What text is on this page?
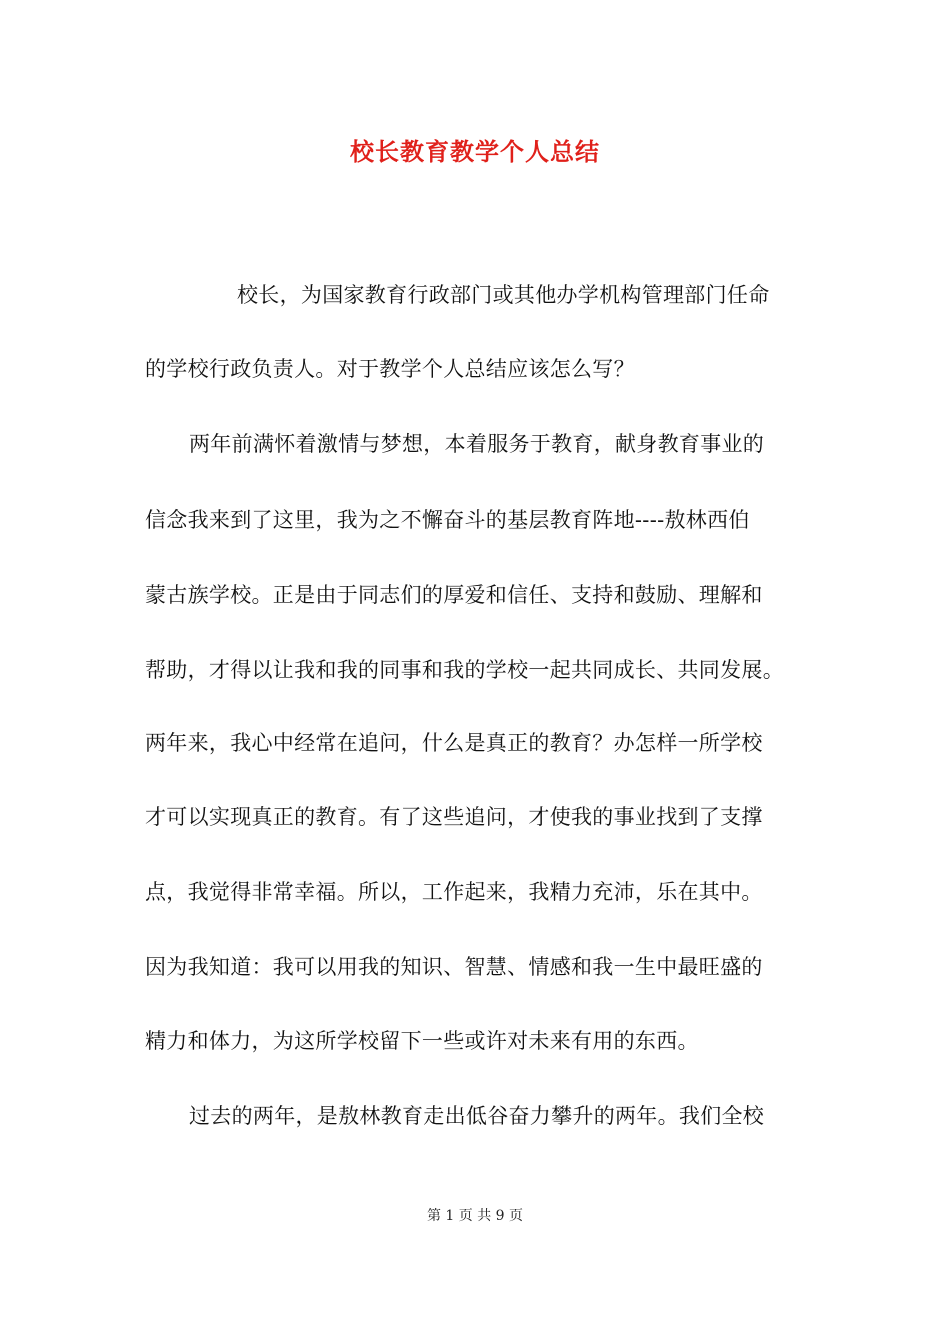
校长教育教学个人总结
校长，为国家教育行政部门或其他办学机构管理部门任命
的学校行政负责人。对于教学个人总结应该怎么写？
两年前满怀着激情与梦想，本着服务于教育，献身教育事业的
信念我来到了这里，我为之不懈奋斗的基层教育阵地----敖林西伯
蒙古族学校。正是由于同志们的厚爱和信任、支持和鼓励、理解和
帮助，才得以让我和我的同事和我的学校一起共同成长、共同发展。
两年来，我心中经常在追问，什么是真正的教育？办怎样一所学校
才可以实现真正的教育。有了这些追问，才使我的事业找到了支撑
点，我觉得非常幸福。所以，工作起来，我精力充沛，乐在其中。
因为我知道：我可以用我的知识、智慧、情感和我一生中最旺盛的
精力和体力，为这所学校留下一些或许对未来有用的东西。
过去的两年，是敖林教育走出低谷奋力攀升的两年。我们全校
第 1 页 共 9 页
